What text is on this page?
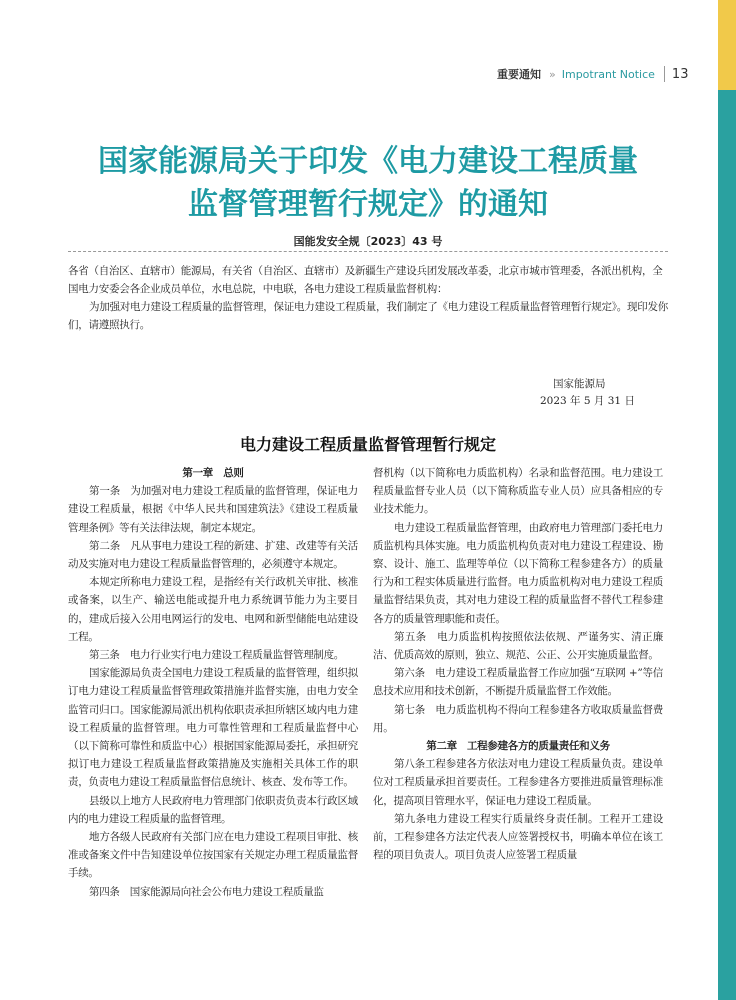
重要通知 » Impotrant Notice 13
国家能源局关于印发《电力建设工程质量
监督管理暂行规定》的通知
国能发安全规〔2023〕43 号

各省（自治区、直辖市）能源局，有关省（自治区、直辖市）及新疆生产建设兵团发展改革委，北京市城市管理委，各派出机构，全国电力安委会各企业成员单位，水电总院，中电联，各电力建设工程质量监督机构：

为加强对电力建设工程质量的监督管理，保证电力建设工程质量，我们制定了《电力建设工程质量监督管理暂行规定》。现印发你们，请遵照执行。

国家能源局
2023 年 5 月 31 日
电力建设工程质量监督管理暂行规定

第一章　总则

第一条　为加强对电力建设工程质量的监督管理，保证电力建设工程质量，根据《中华人民共和国建筑法》《建设工程质量管理条例》等有关法律法规，制定本规定。

第二条　凡从事电力建设工程的新建、扩建、改建等有关活动及实施对电力建设工程质量监督管理的，必须遵守本规定。

本规定所称电力建设工程，是指经有关行政机关审批、核准或备案，以生产、输送电能或提升电力系统调节能力为主要目的，建成后接入公用电网运行的发电、电网和新型储能电站建设工程。

第三条　电力行业实行电力建设工程质量监督管理制度。

国家能源局负责全国电力建设工程质量的监督管理，组织拟订电力建设工程质量监督管理政策措施并监督实施，由电力安全监管司归口。国家能源局派出机构依职责承担所辖区域内电力建设工程质量的监督管理。电力可靠性管理和工程质量监督中心（以下简称可靠性和质监中心）根据国家能源局委托，承担研究拟订电力建设工程质量监督政策措施及实施相关具体工作的职责，负责电力建设工程质量监督信息统计、核查、发布等工作。

县级以上地方人民政府电力管理部门依职责负责本行政区域内的电力建设工程质量的监督管理。

地方各级人民政府有关部门应在电力建设工程项目审批、核准或备案文件中告知建设单位按国家有关规定办理工程质量监督手续。

第四条　国家能源局向社会公布电力建设工程质量监

督机构（以下简称电力质监机构）名录和监督范围。电力建设工程质量监督专业人员（以下简称质监专业人员）应具备相应的专业技术能力。

电力建设工程质量监督管理，由政府电力管理部门委托电力质监机构具体实施。电力质监机构负责对电力建设工程建设、勘察、设计、施工、监理等单位（以下简称工程参建各方）的质量行为和工程实体质量进行监督。电力质监机构对电力建设工程质量监督结果负责，其对电力建设工程的质量监督不替代工程参建各方的质量管理职能和责任。

第五条　电力质监机构按照依法依规、严谨务实、清正廉洁、优质高效的原则，独立、规范、公正、公开实施质量监督。

第六条　电力建设工程质量监督工作应加强“互联网 +”等信息技术应用和技术创新，不断提升质量监督工作效能。

第七条　电力质监机构不得向工程参建各方收取质量监督费用。

第二章　工程参建各方的质量责任和义务

第八条工程参建各方依法对电力建设工程质量负责。建设单位对工程质量承担首要责任。工程参建各方要推进质量管理标准化，提高项目管理水平，保证电力建设工程质量。

第九条电力建设工程实行质量终身责任制。工程开工建设前，工程参建各方法定代表人应签署授权书，明确本单位在该工程的项目负责人。项目负责人应签署工程质量
